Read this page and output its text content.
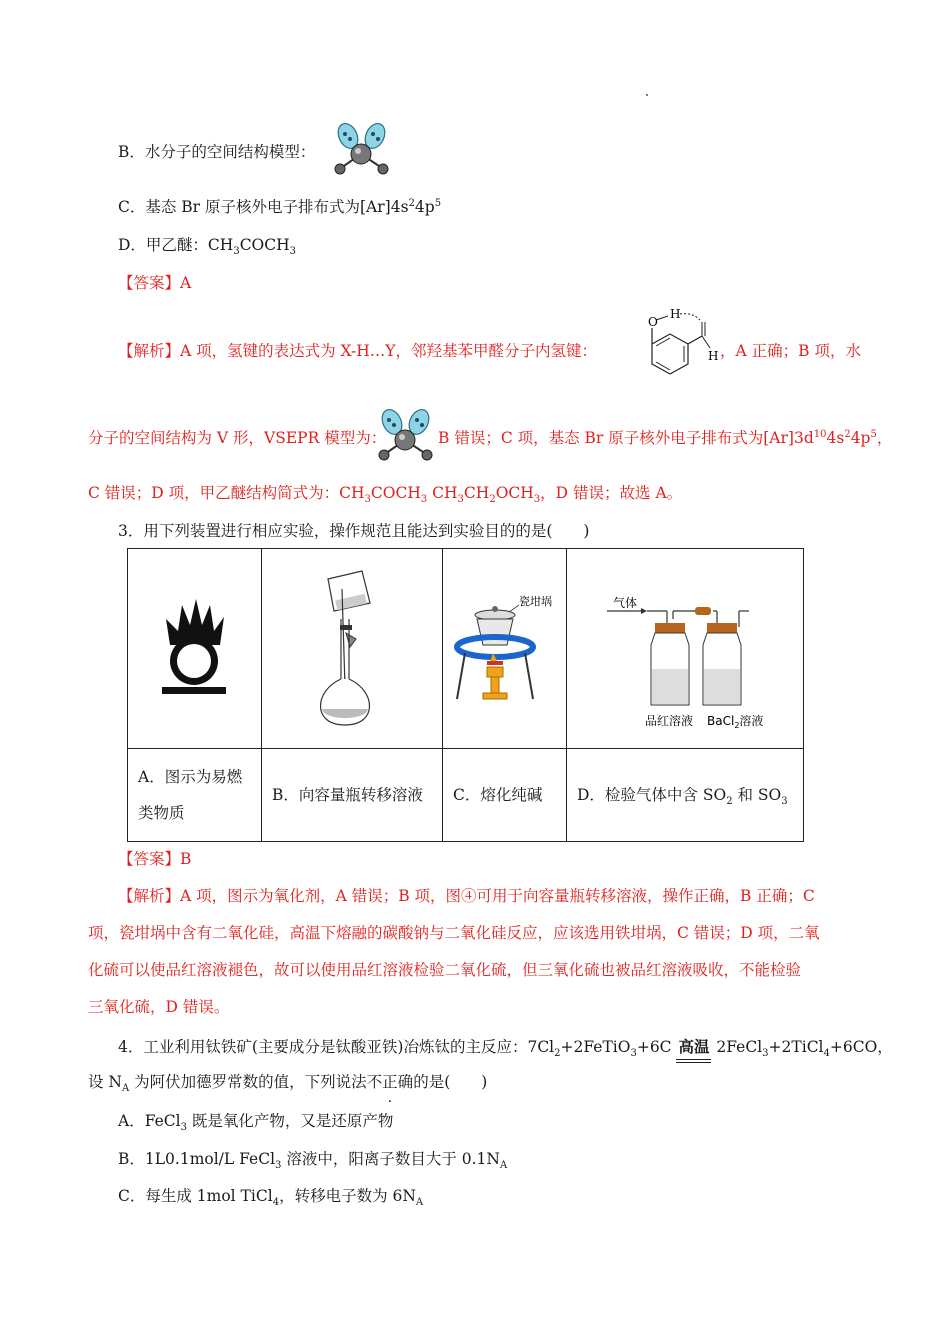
B．水分子的空间结构模型：
C．基态 Br 原子核外电子排布式为$[Ar]4s^24p^5$
D．甲乙醚：$CH_3COCH_3$
【答案】A
【解析】A 项，氢键的表达式为 X-H…Y，邻羟基苯甲醛分子内氢键：
O
H
H ，A 正确；B 项，水
分子的空间结构为 V 形，VSEPR 模型为：	B 错误；C 项，基态 Br 原子核外电子排布式为$[Ar]3d^{10}4s^24p^5$，
C 错误；D 项，甲乙醚结构简式为：$CH_3COCH_3$ $CH_3CH_2OCH_3$，D 错误；故选 A。
3．用下列装置进行相应实验，操作规范且能达到实验目的的是(　　)

瓷坩埚	气体
品红溶液 BaCl$_2$溶液

A．图示为易燃
类物质	B．向容量瓶转移溶液	C．熔化纯碱	D．检验气体中含 $SO_2$ 和 $SO_3$
【答案】B
【解析】A 项，图示为氧化剂，A 错误；B 项，图④可用于向容量瓶转移溶液，操作正确，B 正确；C
项，瓷坩埚中含有二氧化硅，高温下熔融的碳酸钠与二氧化硅反应，应该选用铁坩埚，C 错误；D 项，二氧
化硫可以使品红溶液褪色，故可以使用品红溶液检验二氧化硫，但三氧化硫也被品红溶液吸收，不能检验
三氧化硫，D 错误。
4．工业利用钛铁矿(主要成分是钛酸亚铁)冶炼钛的主反应：$7Cl_2+2FeTiO_3+6C$ 高温 2FeCl$_3$+2TiCl$_4$+6CO，
设 $N_A$ 为阿伏加德罗常数的值，下列说法不正确的是(　　)
A．FeCl$_3$ 既是氧化产物，又是还原产物
B．1L0.1mol/L FeCl$_3$ 溶液中，阳离子数目大于 $0.1N_A$
C．每生成 1mol TiCl$_4$，转移电子数为 $6N_A$
